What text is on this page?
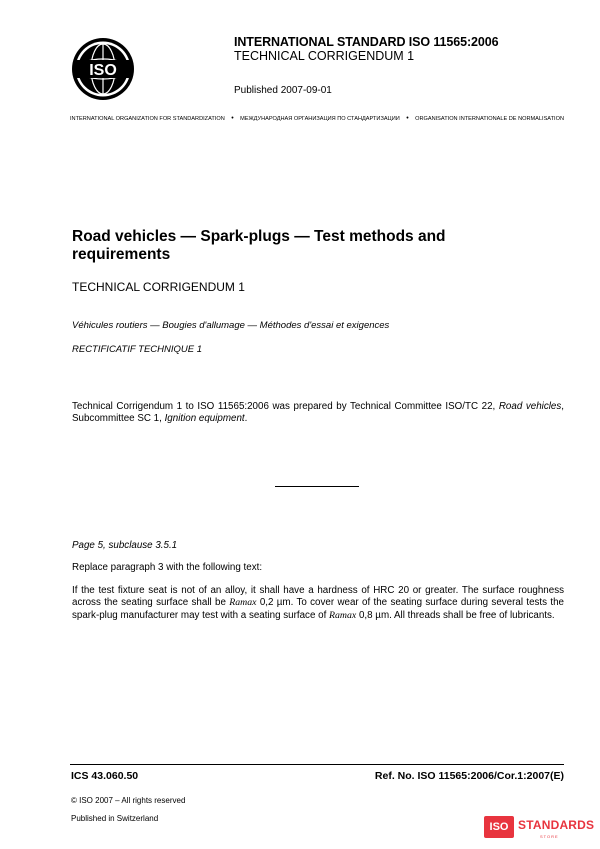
ISO
INTERNATIONAL STANDARD ISO 11565:2006
TECHNICAL CORRIGENDUM 1
Published 2007-09-01
INTERNATIONAL ORGANIZATION FOR STANDARDIZATION • МЕЖДУНАРОДНАЯ ОРГАНИЗАЦИЯ ПО СТАНДАРТИЗАЦИИ • ORGANISATION INTERNATIONALE DE NORMALISATION
Road vehicles — Spark-plugs — Test methods and requirements
TECHNICAL CORRIGENDUM 1
Véhicules routiers — Bougies d'allumage — Méthodes d'essai et exigences
RECTIFICATIF TECHNIQUE 1
Technical Corrigendum 1 to ISO 11565:2006 was prepared by Technical Committee ISO/TC 22, Road vehicles, Subcommittee SC 1, Ignition equipment.
Page 5, subclause 3.5.1
Replace paragraph 3 with the following text:
If the test fixture seat is not of an alloy, it shall have a hardness of HRC 20 or greater. The surface roughness across the seating surface shall be Ramax 0,2 µm. To cover wear of the seating surface during several tests the spark-plug manufacturer may test with a seating surface of Ramax 0,8 µm. All threads shall be free of lubricants.
ICS 43.060.50	Ref. No. ISO 11565:2006/Cor.1:2007(E)
© ISO 2007 – All rights reserved
Published in Switzerland
ISO STANDARDS
STORE
